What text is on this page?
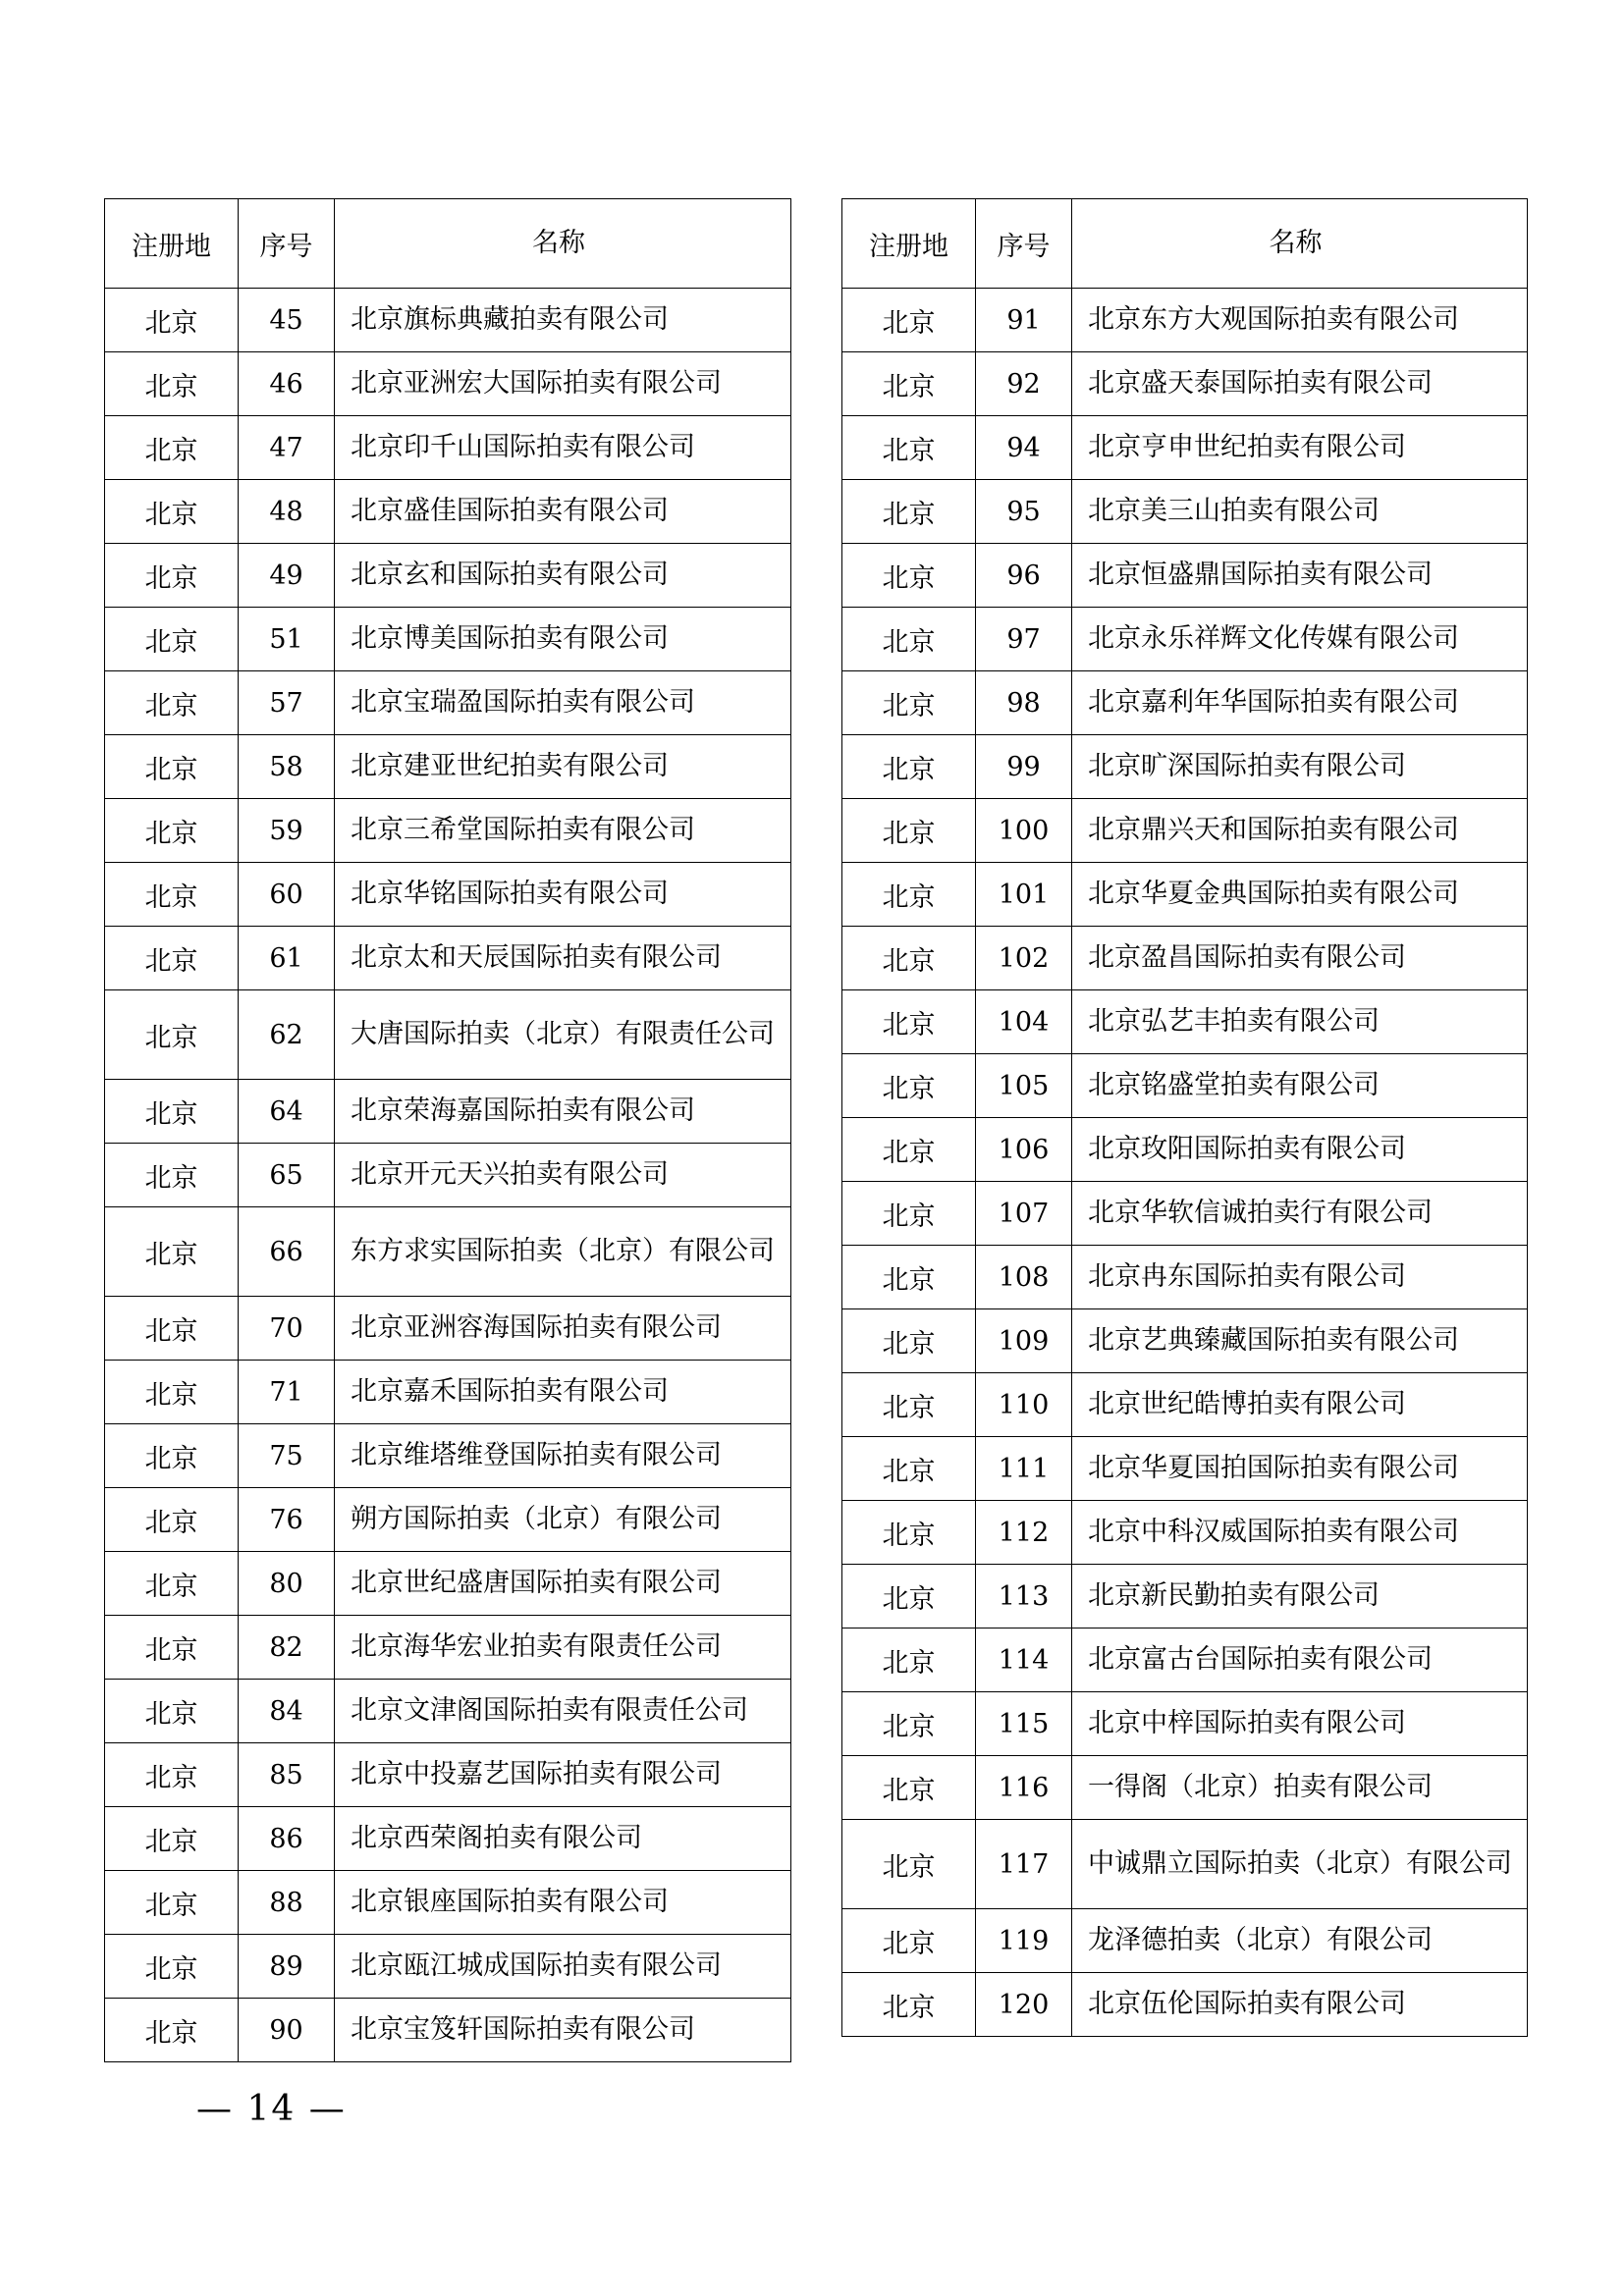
注册地	序号	名称
北京	45	北京旗标典藏拍卖有限公司
北京	46	北京亚洲宏大国际拍卖有限公司
北京	47	北京印千山国际拍卖有限公司
北京	48	北京盛佳国际拍卖有限公司
北京	49	北京玄和国际拍卖有限公司
北京	51	北京博美国际拍卖有限公司
北京	57	北京宝瑞盈国际拍卖有限公司
北京	58	北京建亚世纪拍卖有限公司
北京	59	北京三希堂国际拍卖有限公司
北京	60	北京华铭国际拍卖有限公司
北京	61	北京太和天辰国际拍卖有限公司
北京	62	大唐国际拍卖（北京）有限责任公司
北京	64	北京荣海嘉国际拍卖有限公司
北京	65	北京开元天兴拍卖有限公司
北京	66	东方求实国际拍卖（北京）有限公司
北京	70	北京亚洲容海国际拍卖有限公司
北京	71	北京嘉禾国际拍卖有限公司
北京	75	北京维塔维登国际拍卖有限公司
北京	76	朔方国际拍卖（北京）有限公司
北京	80	北京世纪盛唐国际拍卖有限公司
北京	82	北京海华宏业拍卖有限责任公司
北京	84	北京文津阁国际拍卖有限责任公司
北京	85	北京中投嘉艺国际拍卖有限公司
北京	86	北京西荣阁拍卖有限公司
北京	88	北京银座国际拍卖有限公司
北京	89	北京瓯江城成国际拍卖有限公司
北京	90	北京宝笈轩国际拍卖有限公司
注册地	序号	名称
北京	91	北京东方大观国际拍卖有限公司
北京	92	北京盛天泰国际拍卖有限公司
北京	94	北京亨申世纪拍卖有限公司
北京	95	北京美三山拍卖有限公司
北京	96	北京恒盛鼎国际拍卖有限公司
北京	97	北京永乐祥辉文化传媒有限公司
北京	98	北京嘉利年华国际拍卖有限公司
北京	99	北京旷深国际拍卖有限公司
北京	100	北京鼎兴天和国际拍卖有限公司
北京	101	北京华夏金典国际拍卖有限公司
北京	102	北京盈昌国际拍卖有限公司
北京	104	北京弘艺丰拍卖有限公司
北京	105	北京铭盛堂拍卖有限公司
北京	106	北京玫阳国际拍卖有限公司
北京	107	北京华软信诚拍卖行有限公司
北京	108	北京冉东国际拍卖有限公司
北京	109	北京艺典臻藏国际拍卖有限公司
北京	110	北京世纪皓博拍卖有限公司
北京	111	北京华夏国拍国际拍卖有限公司
北京	112	北京中科汉威国际拍卖有限公司
北京	113	北京新民勤拍卖有限公司
北京	114	北京富古台国际拍卖有限公司
北京	115	北京中梓国际拍卖有限公司
北京	116	一得阁（北京）拍卖有限公司
北京	117	中诚鼎立国际拍卖（北京）有限公司
北京	119	龙泽德拍卖（北京）有限公司
北京	120	北京伍伦国际拍卖有限公司
— 14 —
